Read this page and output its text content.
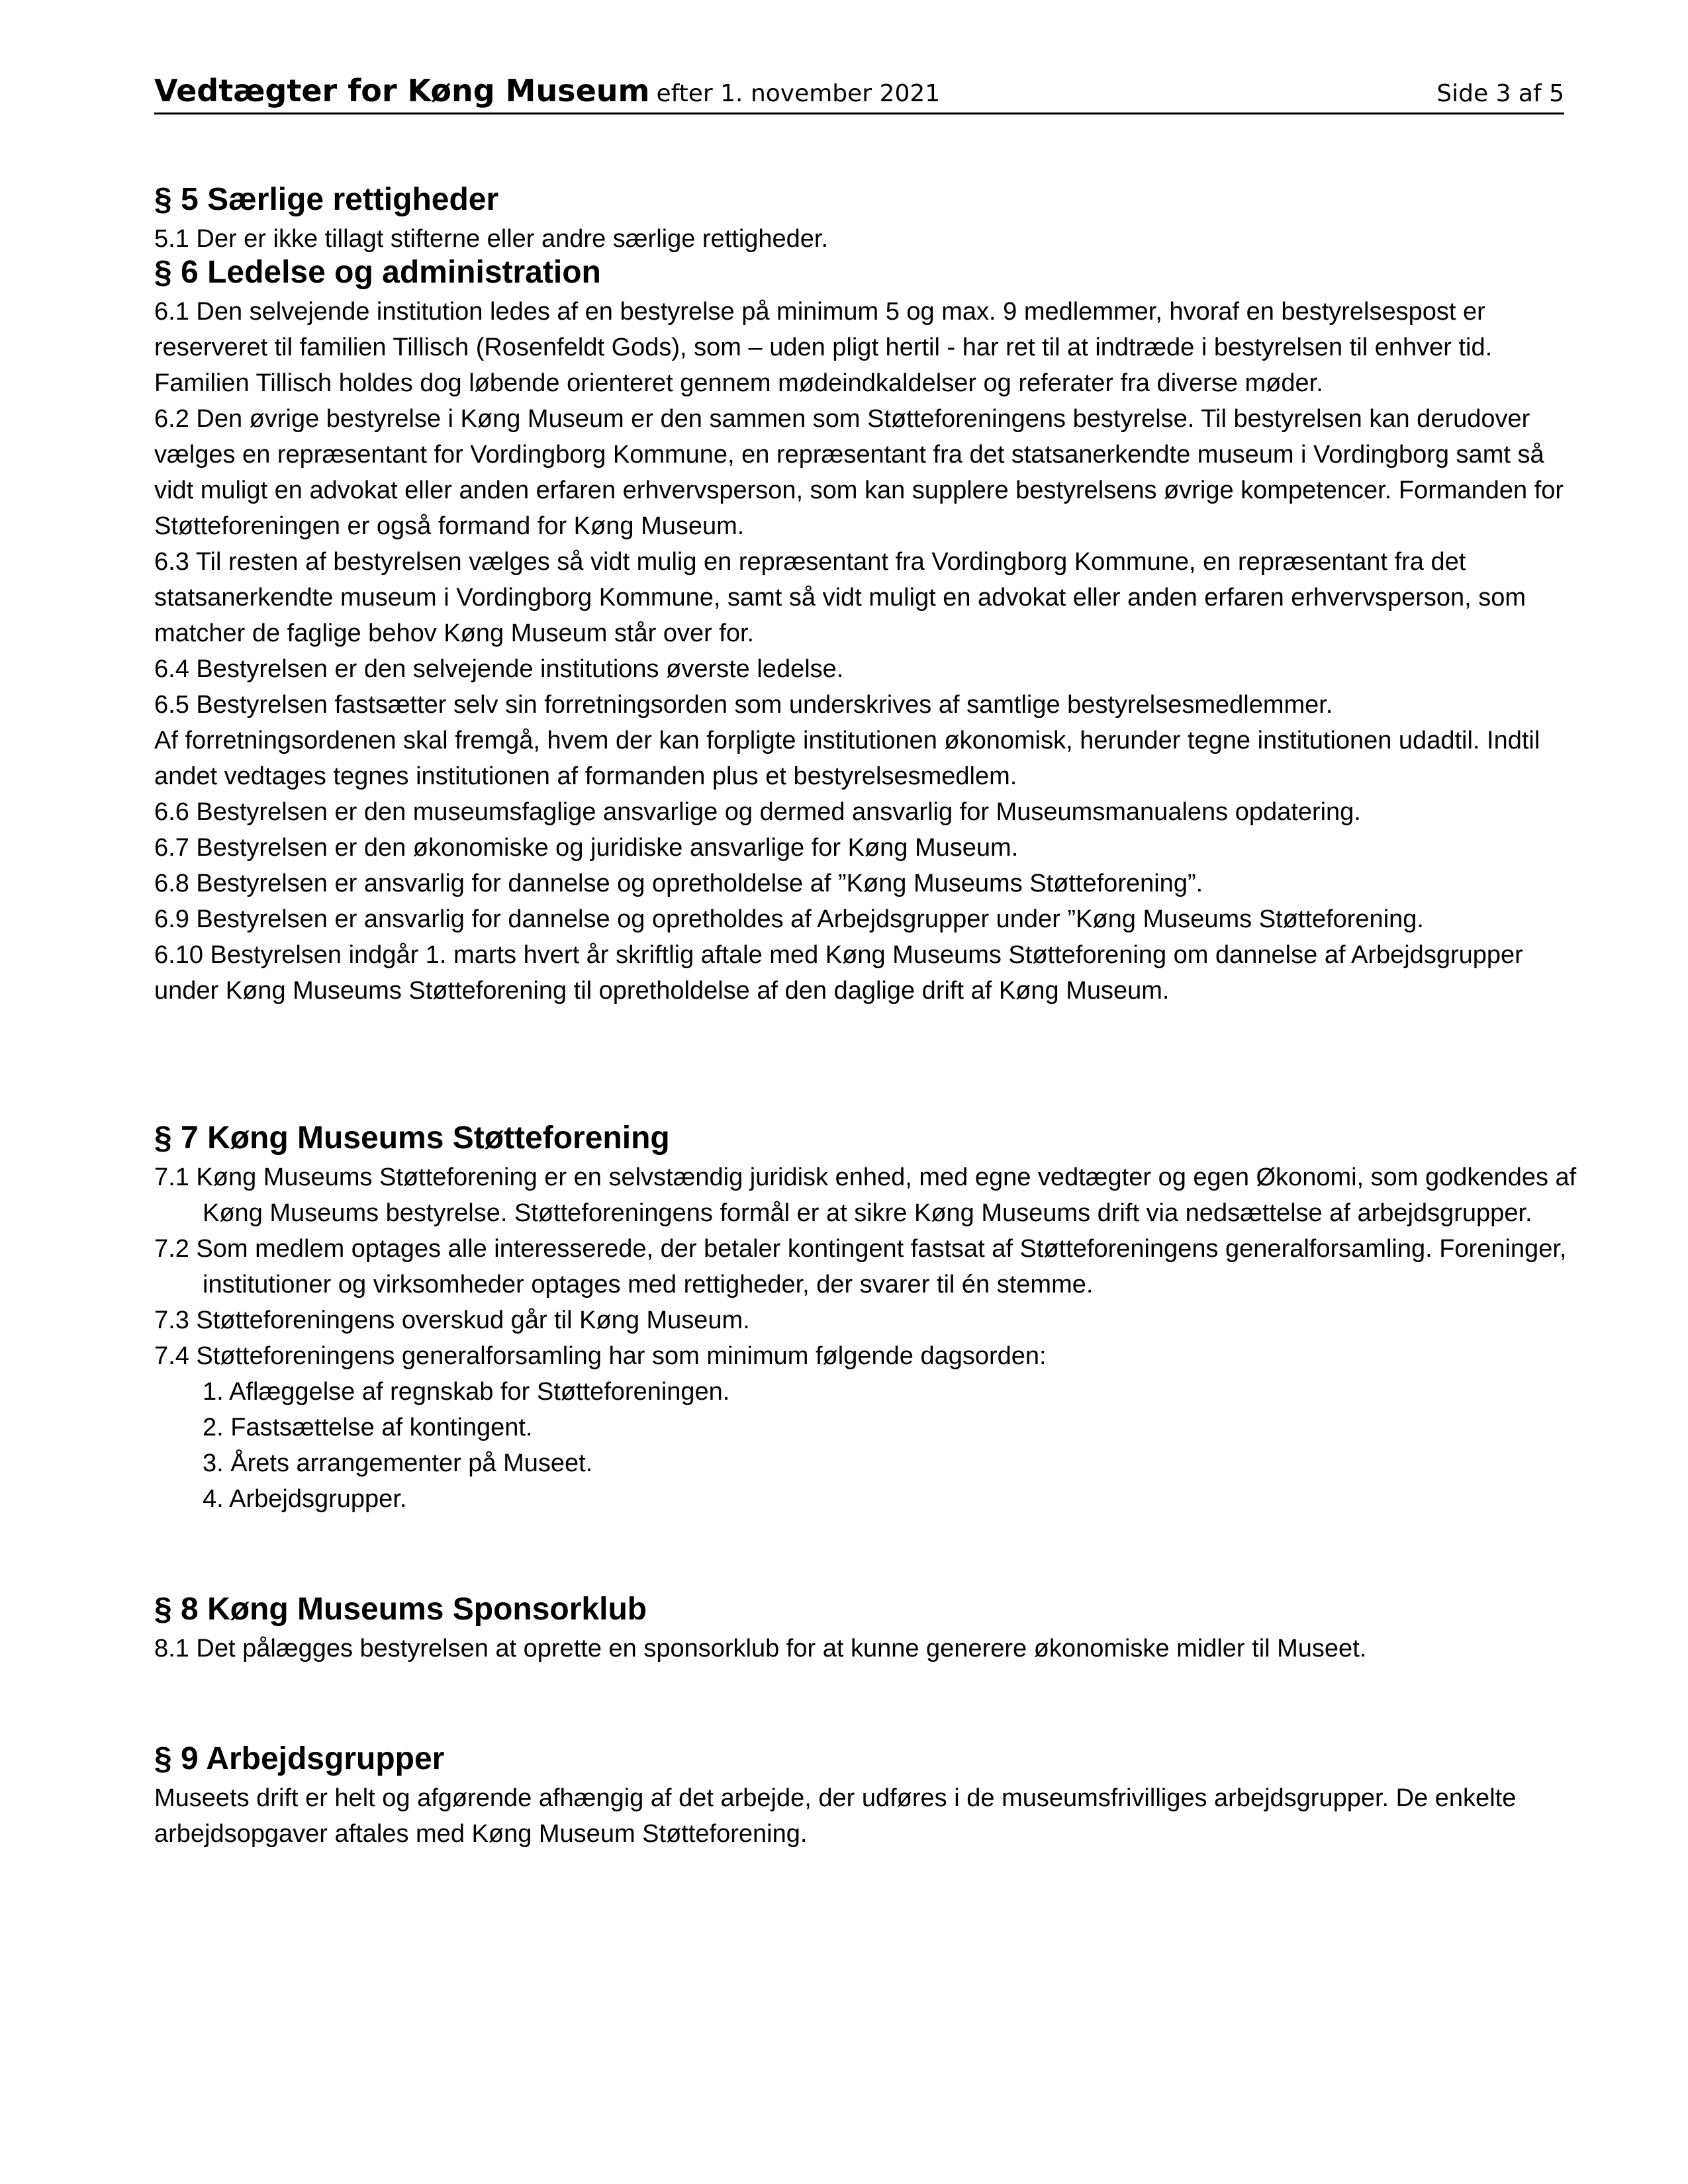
Vedtægter for Køng Museum efter 1. november 2021	Side 3 af 5
§ 5 Særlige rettigheder

5.1 Der er ikke tillagt stifterne eller andre særlige rettigheder.

§ 6 Ledelse og administration

6.1 Den selvejende institution ledes af en bestyrelse på minimum 5 og max. 9 medlemmer, hvoraf en bestyrelsespost er reserveret til familien Tillisch (Rosenfeldt Gods), som – uden pligt hertil - har ret til at indtræde i bestyrelsen til enhver tid. Familien Tillisch holdes dog løbende orienteret gennem mødeindkaldelser og referater fra diverse møder.

6.2 Den øvrige bestyrelse i Køng Museum er den sammen som Støtteforeningens bestyrelse. Til bestyrelsen kan derudover vælges en repræsentant for Vordingborg Kommune, en repræsentant fra det statsanerkendte museum i Vordingborg samt så vidt muligt en advokat eller anden erfaren erhvervsperson, som kan supplere bestyrelsens øvrige kompetencer. Formanden for Støtteforeningen er også formand for Køng Museum.

6.3 Til resten af bestyrelsen vælges så vidt mulig en repræsentant fra Vordingborg Kommune, en repræsentant fra det statsanerkendte museum i Vordingborg Kommune, samt så vidt muligt en advokat eller anden erfaren erhvervsperson, som matcher de faglige behov Køng Museum står over for.

6.4 Bestyrelsen er den selvejende institutions øverste ledelse.

6.5 Bestyrelsen fastsætter selv sin forretningsorden som underskrives af samtlige bestyrelsesmedlemmer.

Af forretningsordenen skal fremgå, hvem der kan forpligte institutionen økonomisk, herunder tegne institutionen udadtil. Indtil andet vedtages tegnes institutionen af formanden plus et bestyrelsesmedlem.

6.6 Bestyrelsen er den museumsfaglige ansvarlige og dermed ansvarlig for Museumsmanualens opdatering.

6.7 Bestyrelsen er den økonomiske og juridiske ansvarlige for Køng Museum.

6.8 Bestyrelsen er ansvarlig for dannelse og opretholdelse af ”Køng Museums Støtteforening”.

6.9 Bestyrelsen er ansvarlig for dannelse og opretholdes af Arbejdsgrupper under ”Køng Museums Støtteforening.

6.10 Bestyrelsen indgår 1. marts hvert år skriftlig aftale med Køng Museums Støtteforening om dannelse af Arbejdsgrupper under Køng Museums Støtteforening til opretholdelse af den daglige drift af Køng Museum.

§ 7 Køng Museums Støtteforening

7.1 Køng Museums Støtteforening er en selvstændig juridisk enhed, med egne vedtægter og egen Økonomi, som godkendes af Køng Museums bestyrelse. Støtteforeningens formål er at sikre Køng Museums drift via nedsættelse af arbejdsgrupper.

7.2 Som medlem optages alle interesserede, der betaler kontingent fastsat af Støtteforeningens generalforsamling. Foreninger, institutioner og virksomheder optages med rettigheder, der svarer til én stemme.

7.3 Støtteforeningens overskud går til Køng Museum.

7.4 Støtteforeningens generalforsamling har som minimum følgende dagsorden:

1. Aflæggelse af regnskab for Støtteforeningen.

2. Fastsættelse af kontingent.

3. Årets arrangementer på Museet.

4. Arbejdsgrupper.

§ 8 Køng Museums Sponsorklub

8.1 Det pålægges bestyrelsen at oprette en sponsorklub for at kunne generere økonomiske midler til Museet.

§ 9 Arbejdsgrupper

Museets drift er helt og afgørende afhængig af det arbejde, der udføres i de museumsfrivilliges arbejdsgrupper. De enkelte arbejdsopgaver aftales med Køng Museum Støtteforening.
